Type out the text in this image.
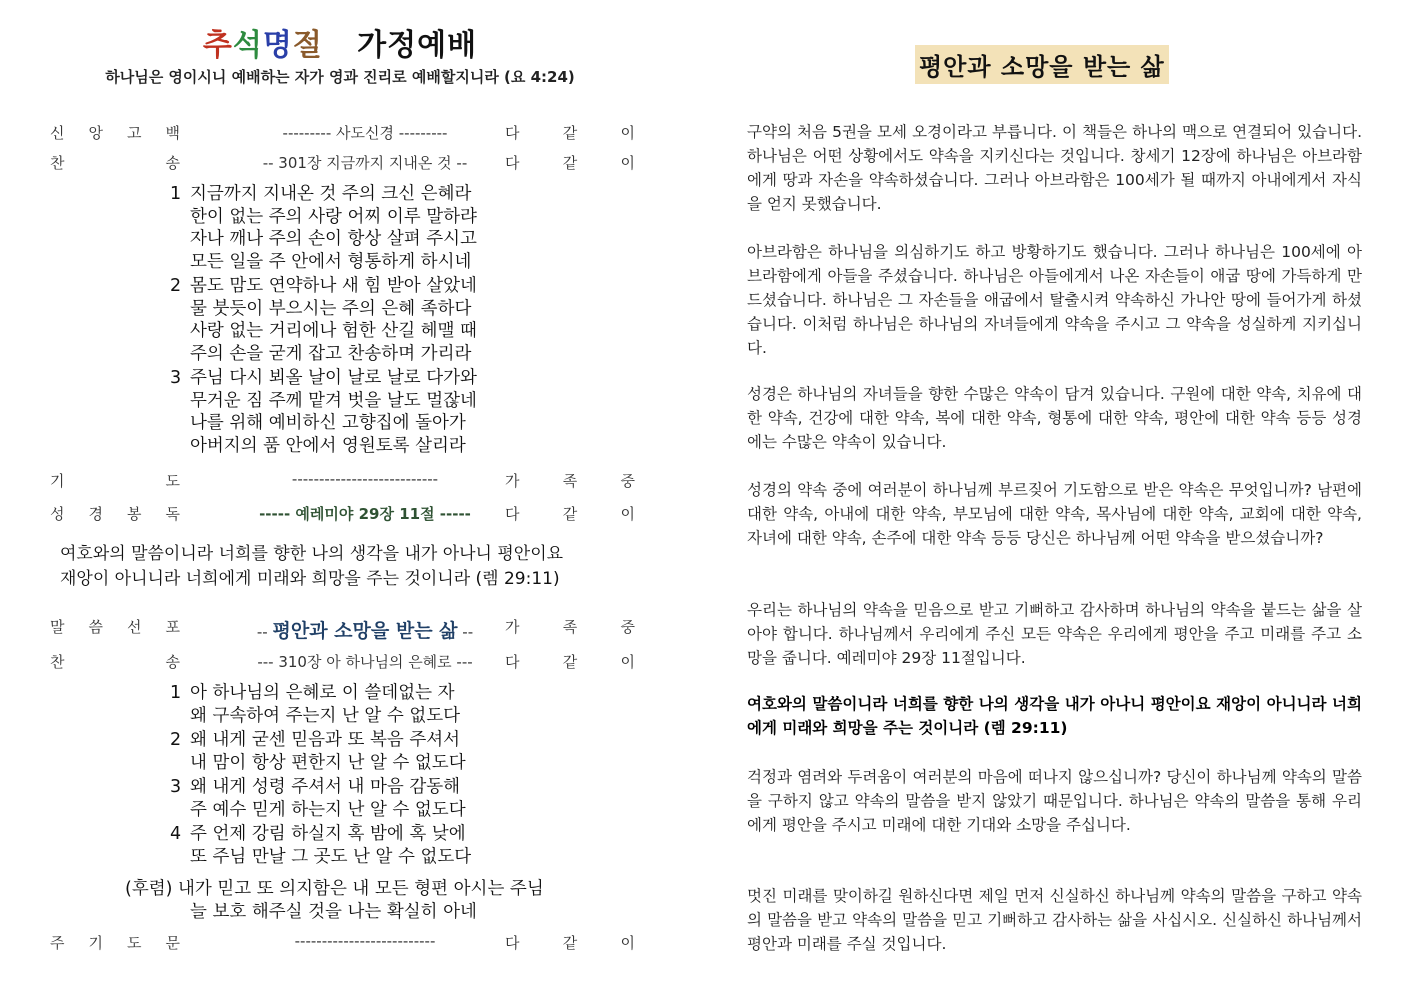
추석명절 가정예배
하나님은 영이시니 예배하는 자가 영과 진리로 예배할지니라 (요 4:24)
신 앙 고 백	--------- 사도신경 ---------	다	같	이
찬	송	-- 301장 지금까지 지내온 것 --	다	같	이
1 지금까지 지내온 것 주의 크신 은혜라
한이 없는 주의 사랑 어찌 이루 말하랴
자나 깨나 주의 손이 항상 살펴 주시고
모든 일을 주 안에서 형통하게 하시네
2 몸도 맘도 연약하나 새 힘 받아 살았네
물 붓듯이 부으시는 주의 은혜 족하다
사랑 없는 거리에나 험한 산길 헤맬 때
주의 손을 굳게 잡고 찬송하며 가리라
3 주님 다시 뵈올 날이 날로 날로 다가와
무거운 짐 주께 맡겨 벗을 날도 멀잖네
나를 위해 예비하신 고향집에 돌아가
아버지의 품 안에서 영원토록 살리라
기	도	---------------------------	가	족	중
성 경 봉 독	----- 예레미야 29장 11절 -----	다	같	이
여호와의 말씀이니라 너희를 향한 나의 생각을 내가 아나니 평안이요
재앙이 아니니라 너희에게 미래와 희망을 주는 것이니라 (렘 29:11)
말 씀 선 포	-- 평안과 소망을 받는 삶 --	가	족	중
찬	송	--- 310장 아 하나님의 은혜로 ---	다	같	이
1 아 하나님의 은혜로 이 쓸데없는 자
왜 구속하여 주는지 난 알 수 없도다
2 왜 내게 굳센 믿음과 또 복음 주셔서
내 맘이 항상 편한지 난 알 수 없도다
3 왜 내게 성령 주셔서 내 마음 감동해
주 예수 믿게 하는지 난 알 수 없도다
4 주 언제 강림 하실지 혹 밤에 혹 낮에
또 주님 만날 그 곳도 난 알 수 없도다
(후렴) 내가 믿고 또 의지함은 내 모든 형편 아시는 주님
늘 보호 해주실 것을 나는 확실히 아네
주 기 도 문	--------------------------	다	같	이
평안과 소망을 받는 삶
구약의 처음 5권을 모세 오경이라고 부릅니다. 이 책들은 하나의 맥으로 연결되어 있습니다. 하나님은 어떤 상황에서도 약속을 지키신다는 것입니다. 창세기 12장에 하나님은 아브라함에게 땅과 자손을 약속하셨습니다. 그러나 아브라함은 100세가 될 때까지 아내에게서 자식을 얻지 못했습니다.
아브라함은 하나님을 의심하기도 하고 방황하기도 했습니다. 그러나 하나님은 100세에 아브라함에게 아들을 주셨습니다. 하나님은 아들에게서 나온 자손들이 애굽 땅에 가득하게 만드셨습니다. 하나님은 그 자손들을 애굽에서 탈출시켜 약속하신 가나안 땅에 들어가게 하셨습니다. 이처럼 하나님은 하나님의 자녀들에게 약속을 주시고 그 약속을 성실하게 지키십니다.
성경은 하나님의 자녀들을 향한 수많은 약속이 담겨 있습니다. 구원에 대한 약속, 치유에 대한 약속, 건강에 대한 약속, 복에 대한 약속, 형통에 대한 약속, 평안에 대한 약속 등등 성경에는 수많은 약속이 있습니다.
성경의 약속 중에 여러분이 하나님께 부르짖어 기도함으로 받은 약속은 무엇입니까? 남편에 대한 약속, 아내에 대한 약속, 부모님에 대한 약속, 목사님에 대한 약속, 교회에 대한 약속, 자녀에 대한 약속, 손주에 대한 약속 등등 당신은 하나님께 어떤 약속을 받으셨습니까?
우리는 하나님의 약속을 믿음으로 받고 기뻐하고 감사하며 하나님의 약속을 붙드는 삶을 살아야 합니다. 하나님께서 우리에게 주신 모든 약속은 우리에게 평안을 주고 미래를 주고 소망을 줍니다. 예레미야 29장 11절입니다.
여호와의 말씀이니라 너희를 향한 나의 생각을 내가 아나니 평안이요 재앙이 아니니라 너희에게 미래와 희망을 주는 것이니라 (렘 29:11)
걱정과 염려와 두려움이 여러분의 마음에 떠나지 않으십니까? 당신이 하나님께 약속의 말씀을 구하지 않고 약속의 말씀을 받지 않았기 때문입니다. 하나님은 약속의 말씀을 통해 우리에게 평안을 주시고 미래에 대한 기대와 소망을 주십니다.
멋진 미래를 맞이하길 원하신다면 제일 먼저 신실하신 하나님께 약속의 말씀을 구하고 약속의 말씀을 받고 약속의 말씀을 믿고 기뻐하고 감사하는 삶을 사십시오. 신실하신 하나님께서 평안과 미래를 주실 것입니다.
